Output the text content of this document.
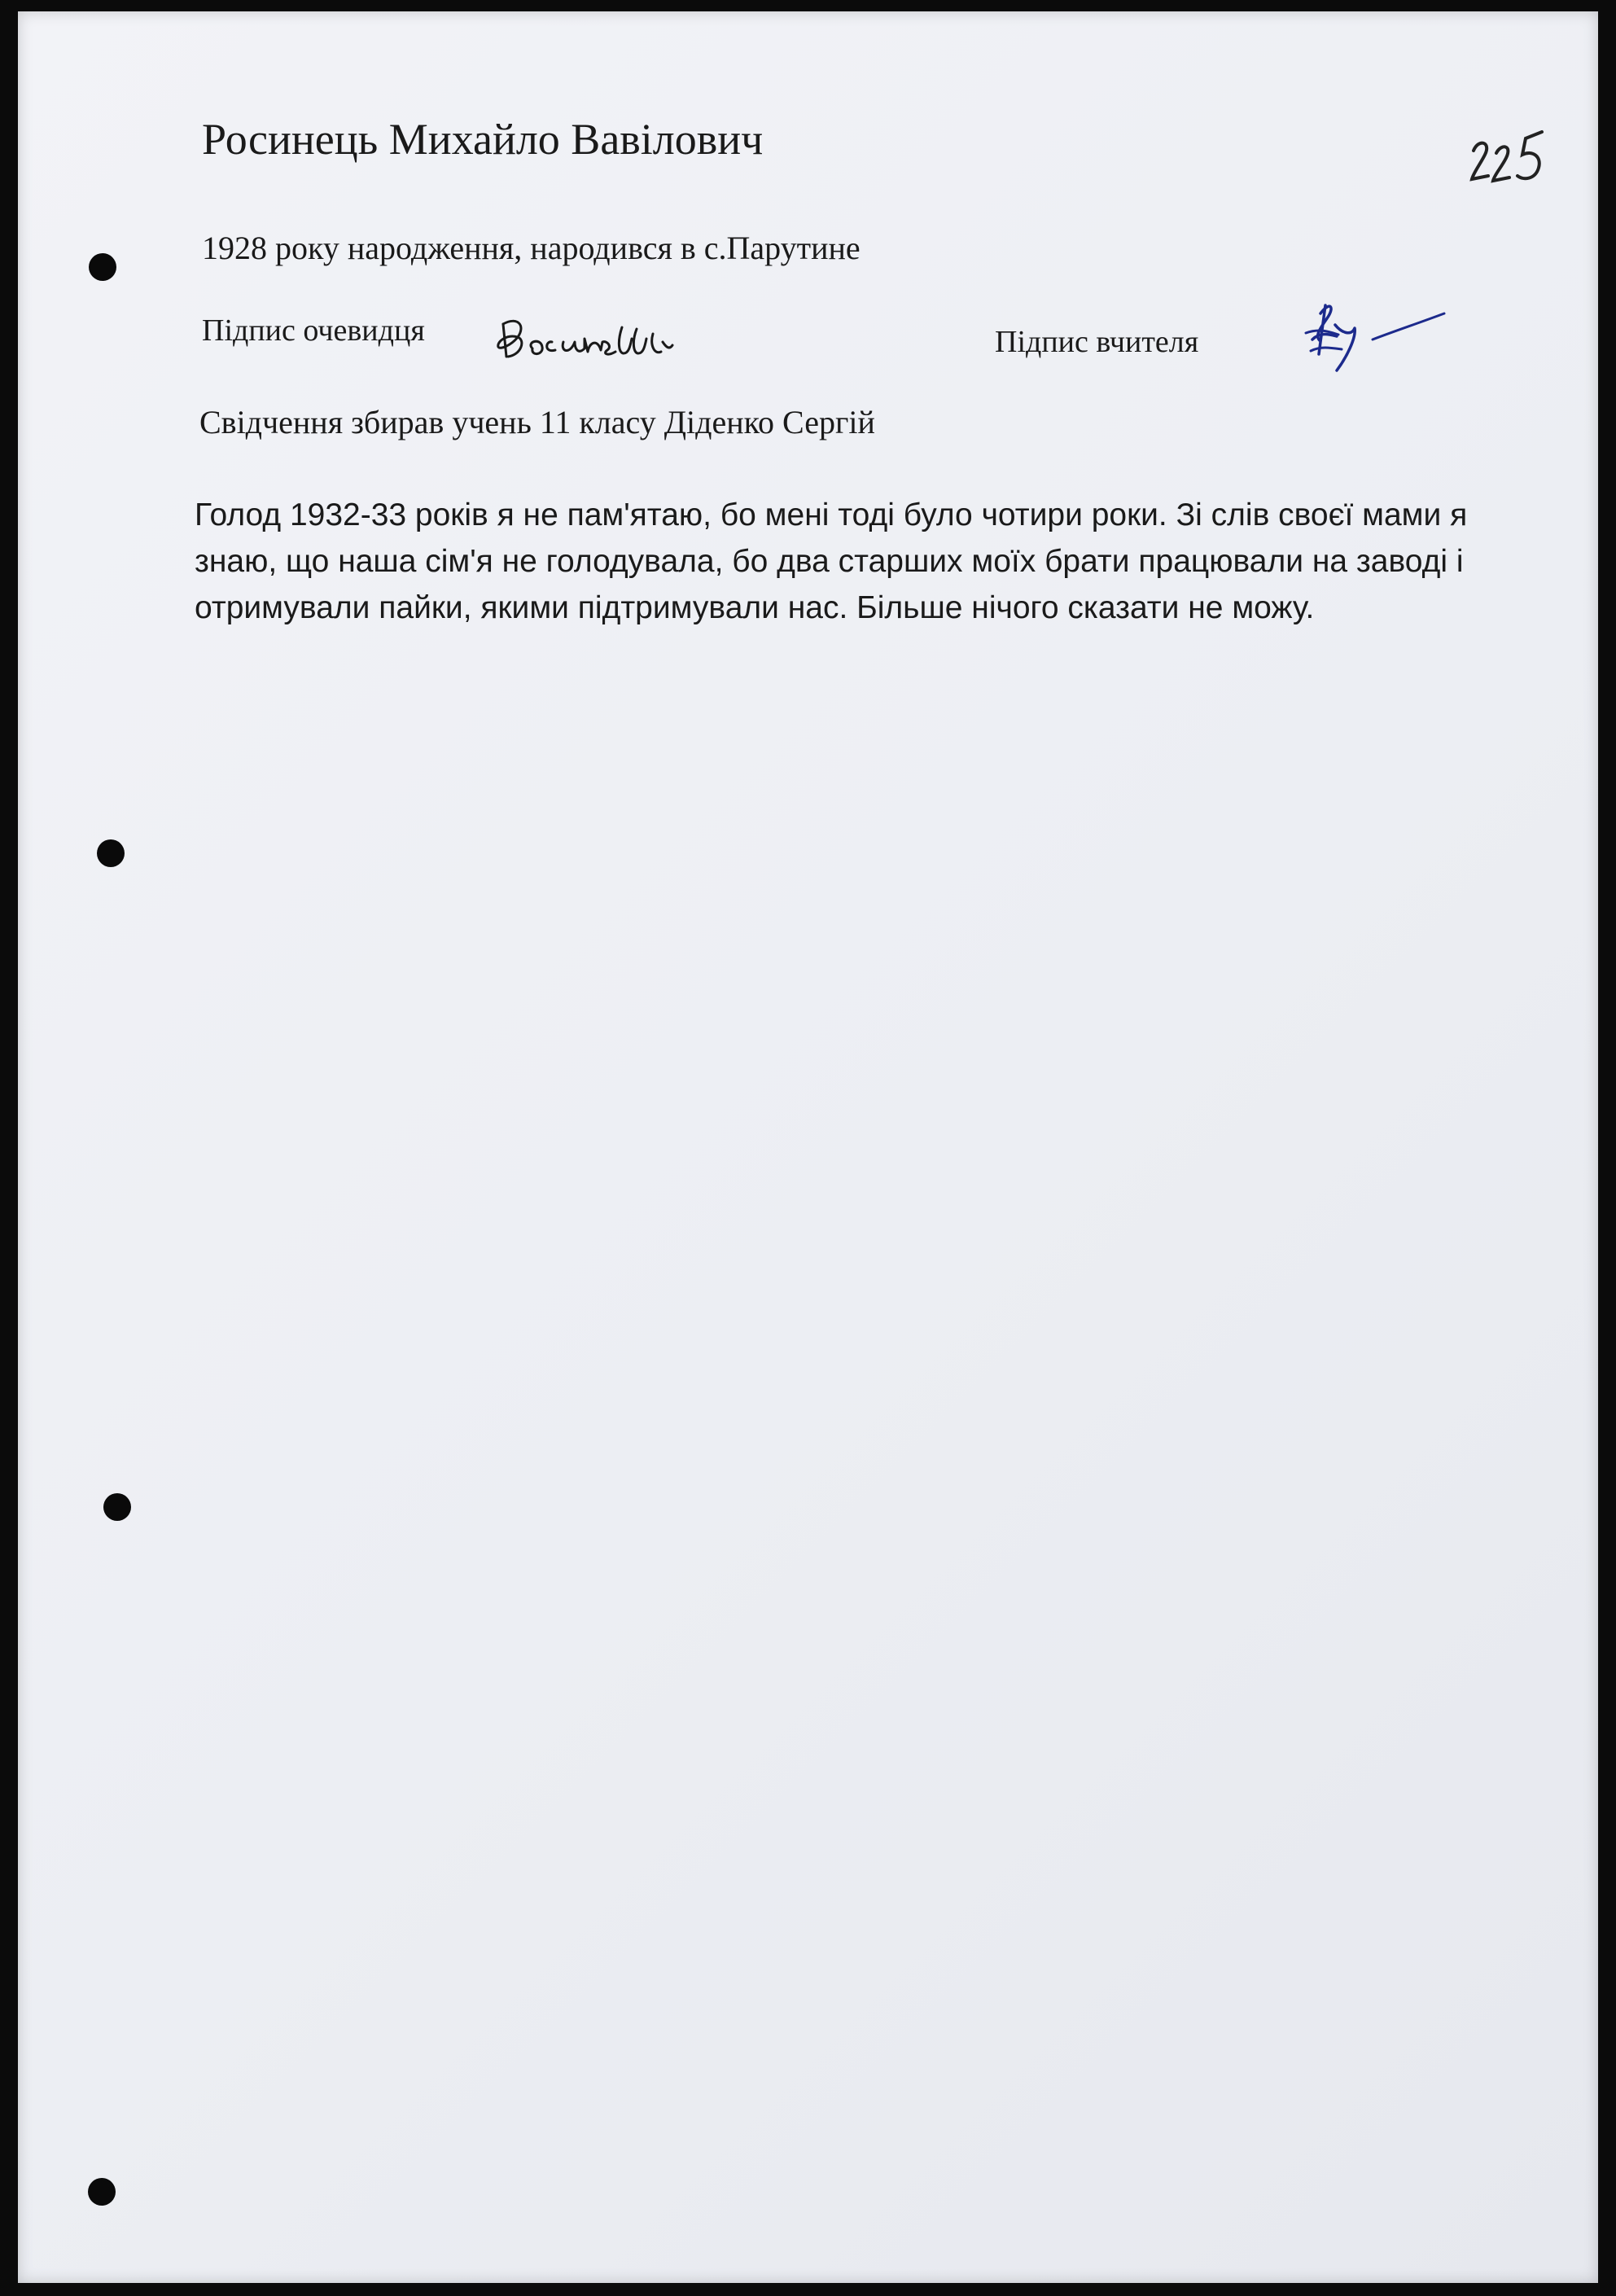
Росинець Михайло Вавілович
1928 року народження, народився в с.Парутине
Підпис очевидця	Підпис вчителя
Свідчення збирав учень 11 класу Діденко Сергій
Голод 1932-33 років я не пам'ятаю, бо мені тоді було чотири роки. Зі слів своєї мами я знаю, що наша сім'я не голодувала, бо два старших моїх брати працювали на заводі і отримували пайки, якими підтримували нас. Більше нічого сказати не можу.
